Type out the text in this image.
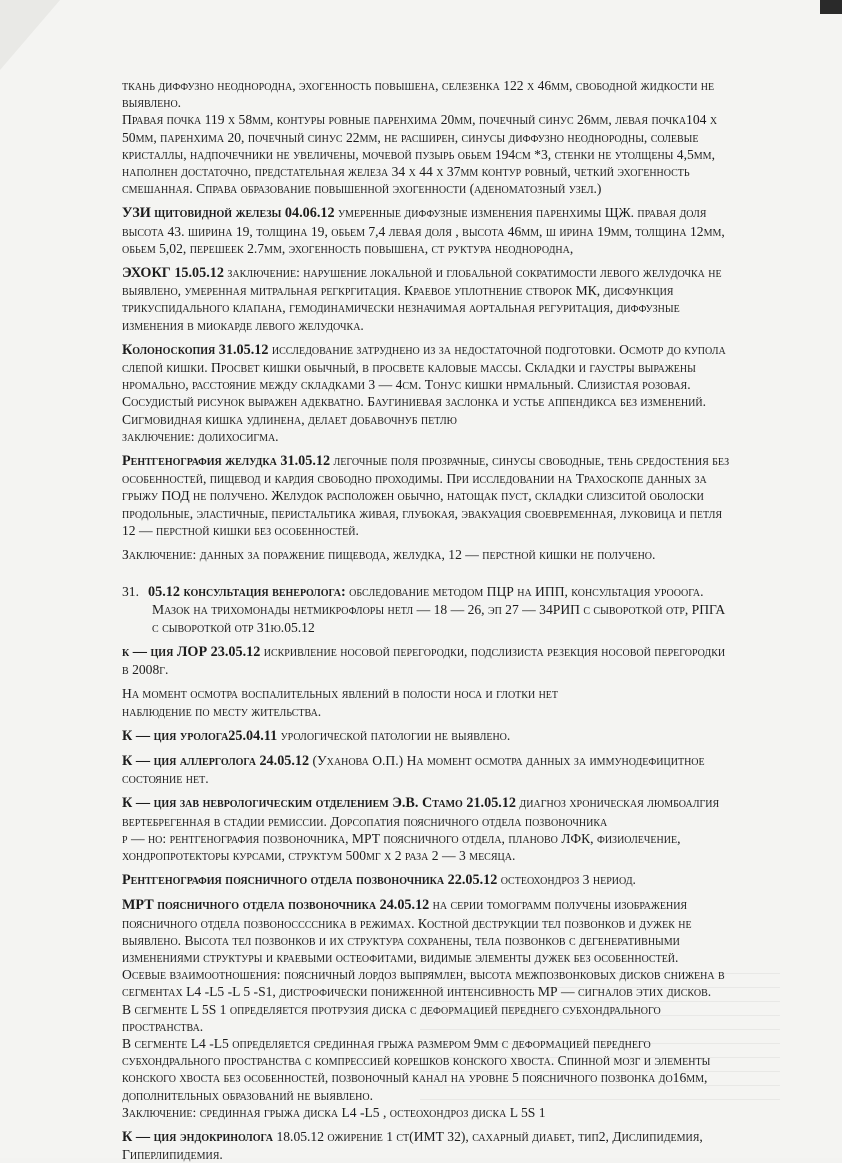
ткань диффузно неоднородна, эхогенность повышена, селезенка 122 х 46мм, свободной жидкости не

выявлено.

Правая почка 119 х 58мм, контуры ровные паренхима 20мм, почечный синус 26мм, левая почка104 х

50мм, паренхима 20, почечный синус 22мм, не расширен, синусы диффузно неоднородны, солевые

кристаллы, надпочечники не увеличены, мочевой пузырь обьем 194см *3, стенки не утолщены 4,5мм,

наполнен достаточно, предстательная железа 34 х 44 х 37мм контур ровный, четкий эхогенность

смешанная. Справа образование повышенной эхогенности (аденоматозный узел.)

УЗИ щитовидной железы 04.06.12 умеренные диффузные изменения паренхимы ЩЖ. правая доля

высота 43. ширина 19, толщина 19, обьем 7,4 левая доля , высота 46мм, ш ирина 19мм, толщина 12мм,

обьем 5,02, перешеек 2.7мм, эхогенность повышена, ст руктура неоднородна,

ЭХОКГ 15.05.12 заключение: нарушение локальной и глобальной сократимости левого желудочка не

выявлено, умеренная митральная регкргитация. Краевое уплотнение створок МК, дисфункция

трикуспидального клапана, гемодинамически незначимая аортальная регуритация, диффузные

изменения в миокарде левого желудочка.

Колоноскопия 31.05.12 исследование затруднено из за недостаточной подготовки. Осмотр до купола

слепой кишки. Просвет кишки обычный, в просвете каловые массы. Складки и гаустры выражены

нромально, расстояние между складками 3 — 4см. Тонус кишки нрмальный. Слизистая розовая.

Сосудистый рисунок выражен адекватно. Баугиниевая заслонка и устье аппендикса без изменений.

Сигмовидная кишка удлинена, делает добавочнуб петлю

заключение: долихосигма.

Рентгенография желудка 31.05.12 легочные поля прозрачные, синусы свободные, тень средостения без

особенностей, пищевод и кардия свободно проходимы. При исследовании на Трахоскопе данных за

грыжу ПОД не получено. Желудок расположен обычно, натощак пуст, складки слизситой оболоски

продольные, эластичные, перистальтика живая, глубокая, эвакуация своевременная, луковица и петля

12 — перстной кишки без особенностей.

Заключение: данных за поражение пищевода, желудка, 12 — перстной кишки не получено.

31. 05.12 консультация венеролога: обследование методом ПЦР на ИПП, консультация урооога.

Мазок на трихомонады нетмикрофлоры нетл — 18 — 26, эп 27 — 34РИП с сывороткой отр, РПГА

с сывороткой отр 31ю.05.12

к — ция ЛОР 23.05.12 искривление носовой перегородки, подслизиста резекция носовой перегородки

в 2008г.

На момент осмотра воспалительных явлений в полости носа и глотки нет

наблюдение по месту жительства.

К — ция уролога25.04.11 урологической патологии не выявлено.

К — ция аллерголога 24.05.12 (Уханова О.П.) На момент осмотра данных за иммунодефицитное

состояние нет.

К — ция зав неврологическим отделением Э.В. Стамо 21.05.12 диагноз хроническая люмбоалгия

вертебрегенная в стадии ремиссии. Дорсопатия поясничного отдела позвоночника

р — но: рентгенография позвоночника, МРТ поясничного отдела, планово ЛФК, физиолечение,

хондропротекторы курсами, структум 500мг х 2 раза 2 — 3 месяца.

Рентгенография поясничного отдела позвоночника 22.05.12 остеохондроз 3 нериод.

МРТ поясничного отдела позвоночника 24.05.12 на серии томограмм получены изображения

поясничного отдела позвоноссссника в режимах. Костной деструкции тел позвонков и дужек не

выявлено. Высота тел позвонков и их структура сохранены, тела позвонков с дегенеративными

изменениями структуры и краевыми остеофитами, видимые элементы дужек без особенностей.

Осевые взаимоотношения: поясничный лордоз выпрямлен, высота межпозвонковых дисков снижена в

сегментах L4 -L5 -L 5 -S1, дистрофически пониженной интенсивность МР — сигналов этих дисков.

В сегменте L 5S 1 определяется протрузия диска с деформацией переднего субхондрального

пространства.

В сегменте L4 -L5 определяется срединная грыжа размером 9мм с деформацией переднего

субхондрального пространства с компрессией корешков конского хвоста. Спинной мозг и элементы

конского хвоста без особенностей, позвоночный канал на уровне 5 поясничного позвонка до16мм,

дополнительных образований не выявлено.

Заключение: срединная грыжа диска L4 -L5 , остеохондроз диска L 5S 1

К — ция эндокринолога 18.05.12 ожирение 1 ст(ИМТ 32), сахарный диабет, тип2, Дислипидемия,

Гиперлипидемия.
